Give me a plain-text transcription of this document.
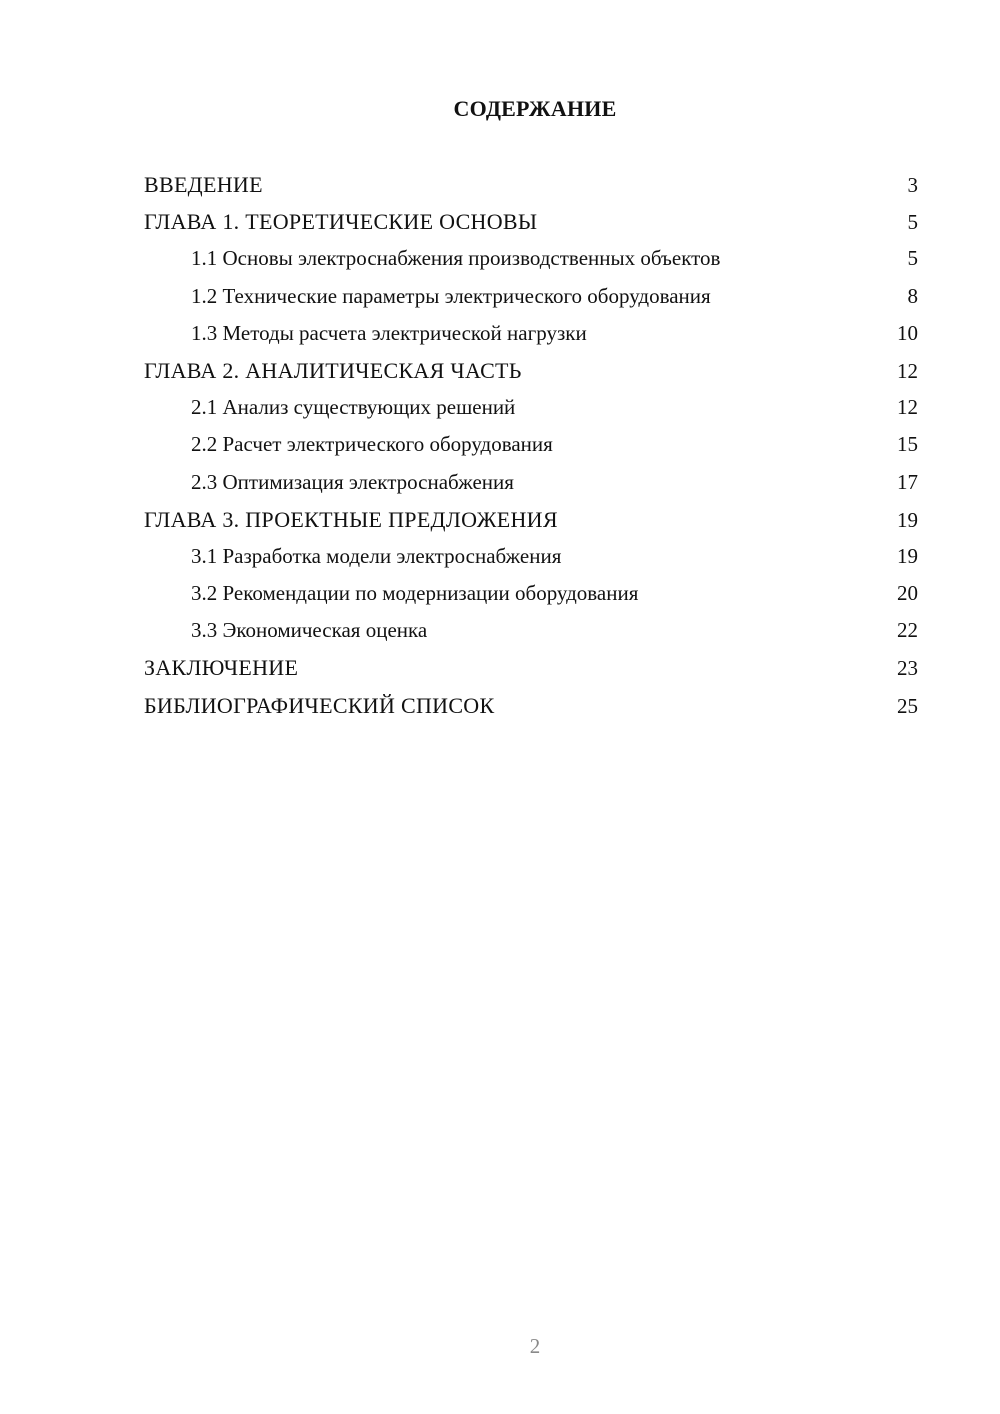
СОДЕРЖАНИЕ
ВВЕДЕНИЕ	3
ГЛАВА 1. ТЕОРЕТИЧЕСКИЕ ОСНОВЫ	5
1.1 Основы электроснабжения производственных объектов	5
1.2 Технические параметры электрического оборудования	8
1.3 Методы расчета электрической нагрузки	10
ГЛАВА 2. АНАЛИТИЧЕСКАЯ ЧАСТЬ	12
2.1 Анализ существующих решений	12
2.2 Расчет электрического оборудования	15
2.3 Оптимизация электроснабжения	17
ГЛАВА 3. ПРОЕКТНЫЕ ПРЕДЛОЖЕНИЯ	19
3.1 Разработка модели электроснабжения	19
3.2 Рекомендации по модернизации оборудования	20
3.3 Экономическая оценка	22
ЗАКЛЮЧЕНИЕ	23
БИБЛИОГРАФИЧЕСКИЙ СПИСОК	25
2
